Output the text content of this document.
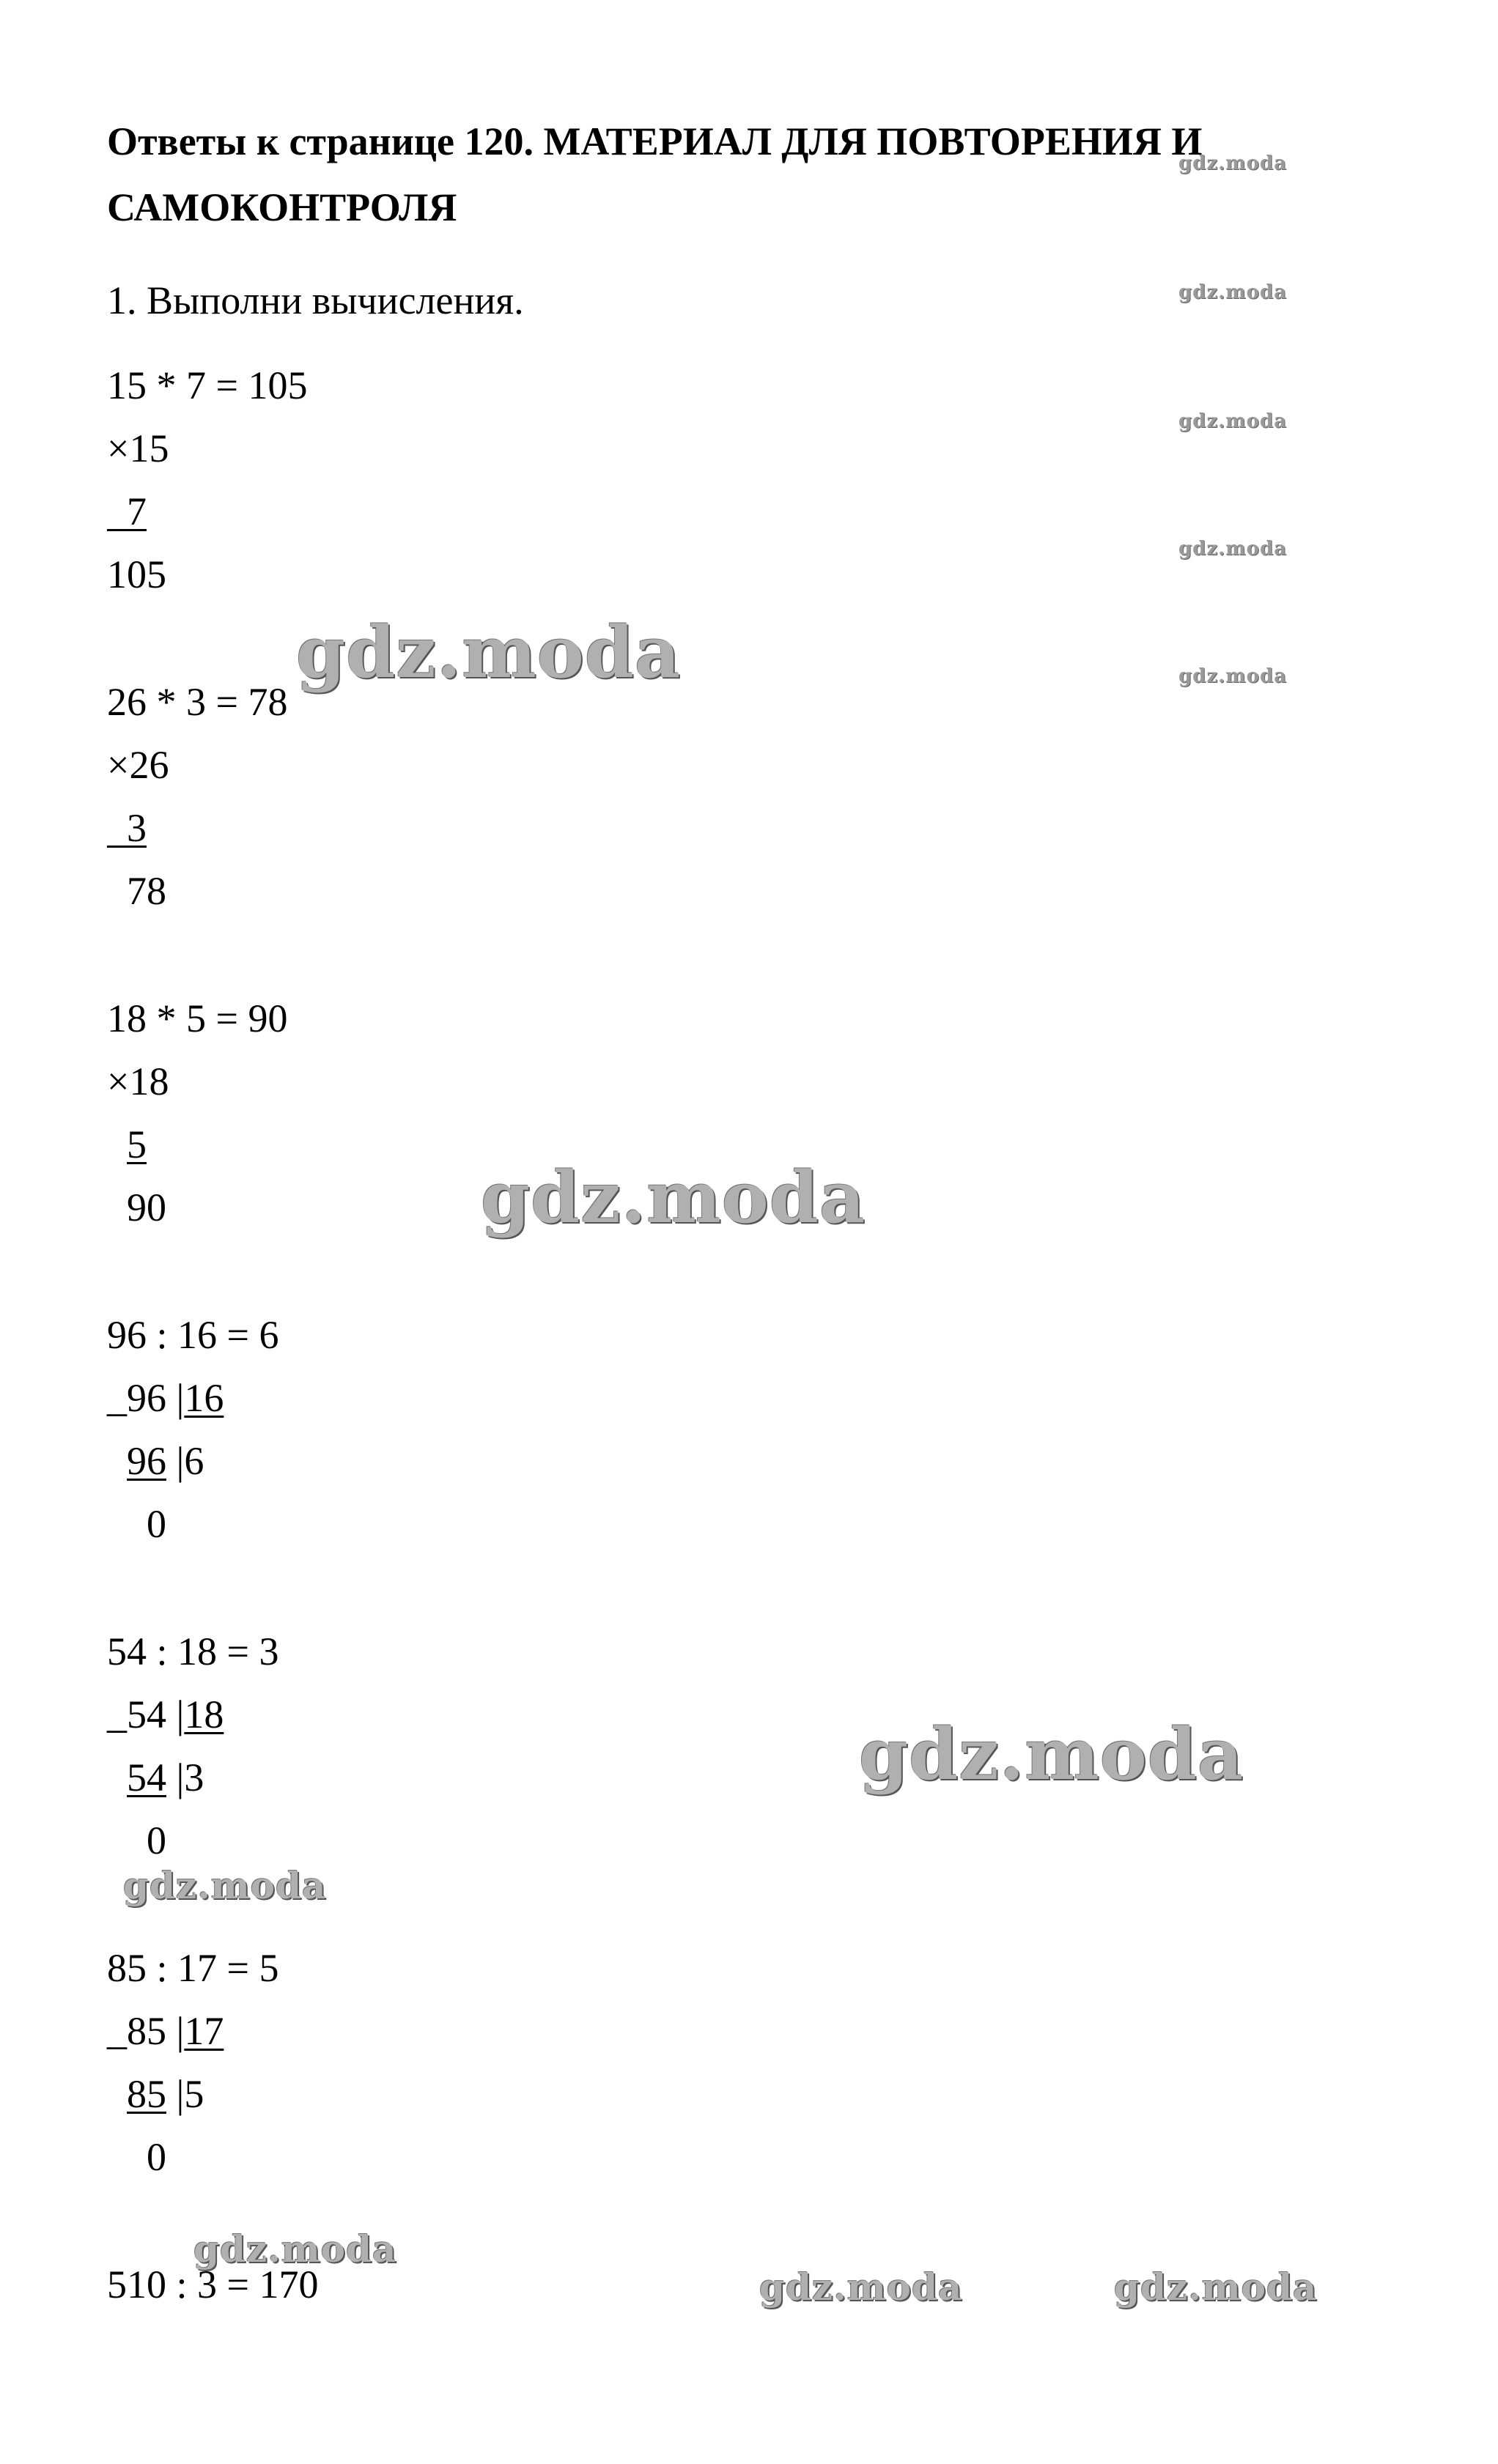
Ответы к странице 120. МАТЕРИАЛ ДЛЯ ПОВТОРЕНИЯ И САМОКОНТРОЛЯ
1. Выполни вычисления.
15 * 7 = 105
×15
7
105
26 * 3 = 78
×26
3
78
18 * 5 = 90
×18
5
90
96 : 16 = 6
_96 |16
96 |6
0
54 : 18 = 3
_54 |18
54 |3
0
85 : 17 = 5
_85 |17
85 |5
0
510 : 3 = 170
gdz.moda
gdz.moda
gdz.moda
gdz.moda
gdz.moda
gdz.moda
gdz.moda
gdz.moda
gdz.moda
gdz.moda
gdz.moda	gdz.moda
